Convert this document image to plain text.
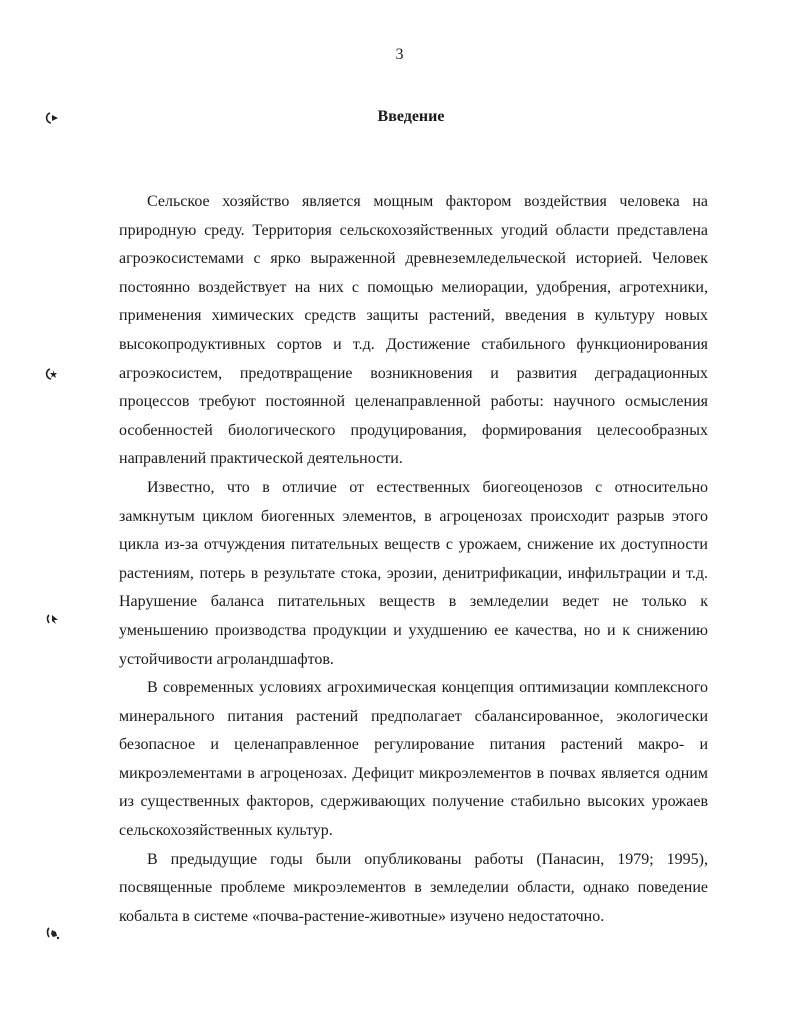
3
Введение

Сельское хозяйство является мощным фактором воздействия человека на природную среду. Территория сельскохозяйственных угодий области представлена агроэкосистемами с ярко выраженной древнеземледельческой историей. Человек постоянно воздействует на них с помощью мелиорации, удобрения, агротехники, применения химических средств защиты растений, введения в культуру новых высокопродуктивных сортов и т.д. Достижение стабильного функционирования агроэкосистем, предотвращение возникновения и развития деградационных процессов требуют постоянной целенаправленной работы: научного осмысления особенностей биологического продуцирования, формирования целесообразных направлений практической деятельности.

Известно, что в отличие от естественных биогеоценозов с относительно замкнутым циклом биогенных элементов, в агроценозах происходит разрыв этого цикла из-за отчуждения питательных веществ с урожаем, снижение их доступности растениям, потерь в результате стока, эрозии, денитрификации, инфильтрации и т.д. Нарушение баланса питательных веществ в земледелии ведет не только к уменьшению производства продукции и ухудшению ее качества, но и к снижению устойчивости агроландшафтов.

В современных условиях агрохимическая концепция оптимизации комплексного минерального питания растений предполагает сбалансированное, экологически безопасное и целенаправленное регулирование питания растений макро- и микроэлементами в агроценозах. Дефицит микроэлементов в почвах является одним из существенных факторов, сдерживающих получение стабильно высоких урожаев сельскохозяйственных культур.

В предыдущие годы были опубликованы работы (Панасин, 1979; 1995), посвященные проблеме микроэлементов в земледелии области, однако поведение кобальта в системе «почва-растение-животные» изучено недостаточно.
